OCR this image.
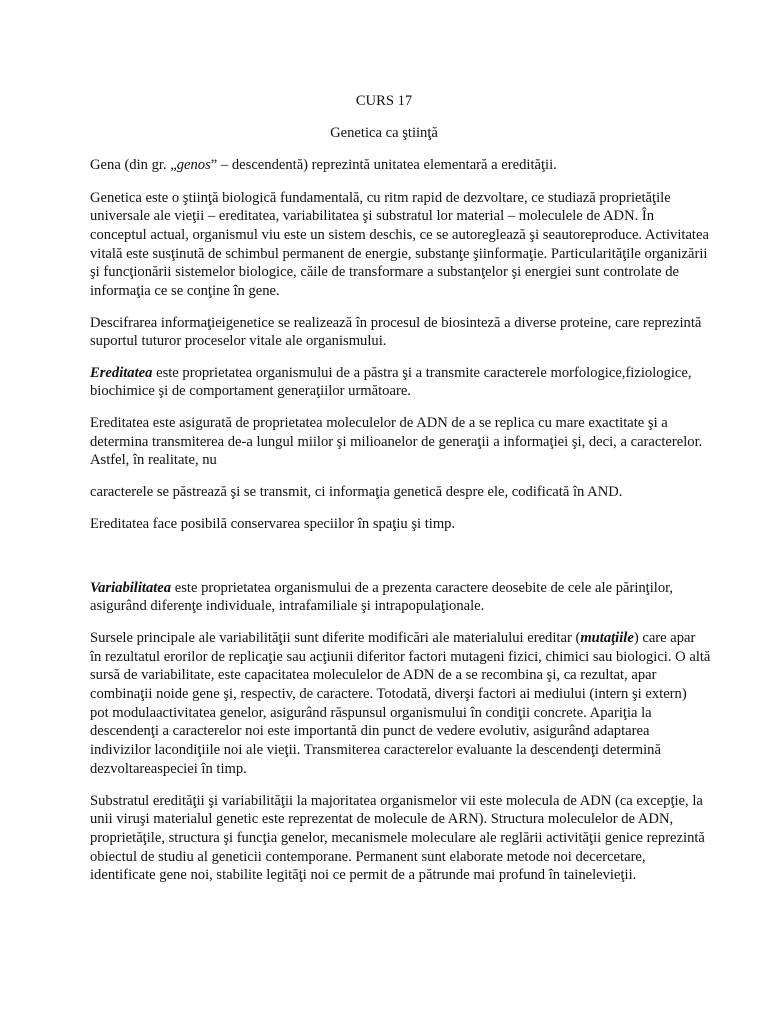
CURS 17

Genetica ca ştiinţă

Gena (din gr. „genos” – descendentă) reprezintă unitatea elementară a eredităţii.

Genetica este o ştiinţă biologică fundamentală, cu ritm rapid de dezvoltare, ce studiază proprietăţile

universale ale vieţii – ereditatea, variabilitatea şi substratul lor material – moleculele de ADN. În

conceptul actual, organismul viu este un sistem deschis, ce se autoreglează şi seautoreproduce. Activitatea

vitală este susţinută de schimbul permanent de energie, substanţe şiinformaţie. Particularităţile organizării

şi funcţionării sistemelor biologice, căile de transformare a substanţelor şi energiei sunt controlate de

informaţia ce se conţine în gene.

Descifrarea informaţieigenetice se realizează în procesul de biosinteză a diverse proteine, care reprezintă

suportul tuturor proceselor vitale ale organismului.

Ereditatea este proprietatea organismului de a păstra şi a transmite caracterele morfologice,fiziologice,

biochimice şi de comportament generaţiilor următoare.

Ereditatea este asigurată de proprietatea moleculelor de ADN de a se replica cu mare exactitate şi a

determina transmiterea de-a lungul miilor şi milioanelor de generaţii a informaţiei şi, deci, a caracterelor.

Astfel, în realitate, nu

caracterele se păstrează şi se transmit, ci informaţia genetică despre ele, codificată în AND.

Ereditatea face posibilă conservarea speciilor în spaţiu şi timp.

Variabilitatea este proprietatea organismului de a prezenta caractere deosebite de cele ale părinţilor,

asigurând diferenţe individuale, intrafamiliale şi intrapopulaţionale.

Sursele principale ale variabilităţii sunt diferite modificări ale materialului ereditar (mutaţiile) care apar

în rezultatul erorilor de replicaţie sau acţiunii diferitor factori mutageni fizici, chimici sau biologici. O altă

sursă de variabilitate, este capacitatea moleculelor de ADN de a se recombina şi, ca rezultat, apar

combinaţii noide gene şi, respectiv, de caractere. Totodată, diverşi factori ai mediului (intern şi extern)

pot modulaactivitatea genelor, asigurând răspunsul organismului în condiţii concrete. Apariţia la

descendenţi a caracterelor noi este importantă din punct de vedere evolutiv, asigurând adaptarea

indivizilor lacondiţiile noi ale vieţii. Transmiterea caracterelor evaluante la descendenţi determină

dezvoltareaspeciei în timp.

Substratul eredităţii şi variabilităţii la majoritatea organismelor vii este molecula de ADN (ca excepţie, la

unii viruşi materialul genetic este reprezentat de molecule de ARN). Structura moleculelor de ADN,

proprietăţile, structura şi funcţia genelor, mecanismele moleculare ale reglării activităţii genice reprezintă

obiectul de studiu al geneticii contemporane. Permanent sunt elaborate metode noi decercetare,

identificate gene noi, stabilite legităţi noi ce permit de a pătrunde mai profund în tainelevieţii.
